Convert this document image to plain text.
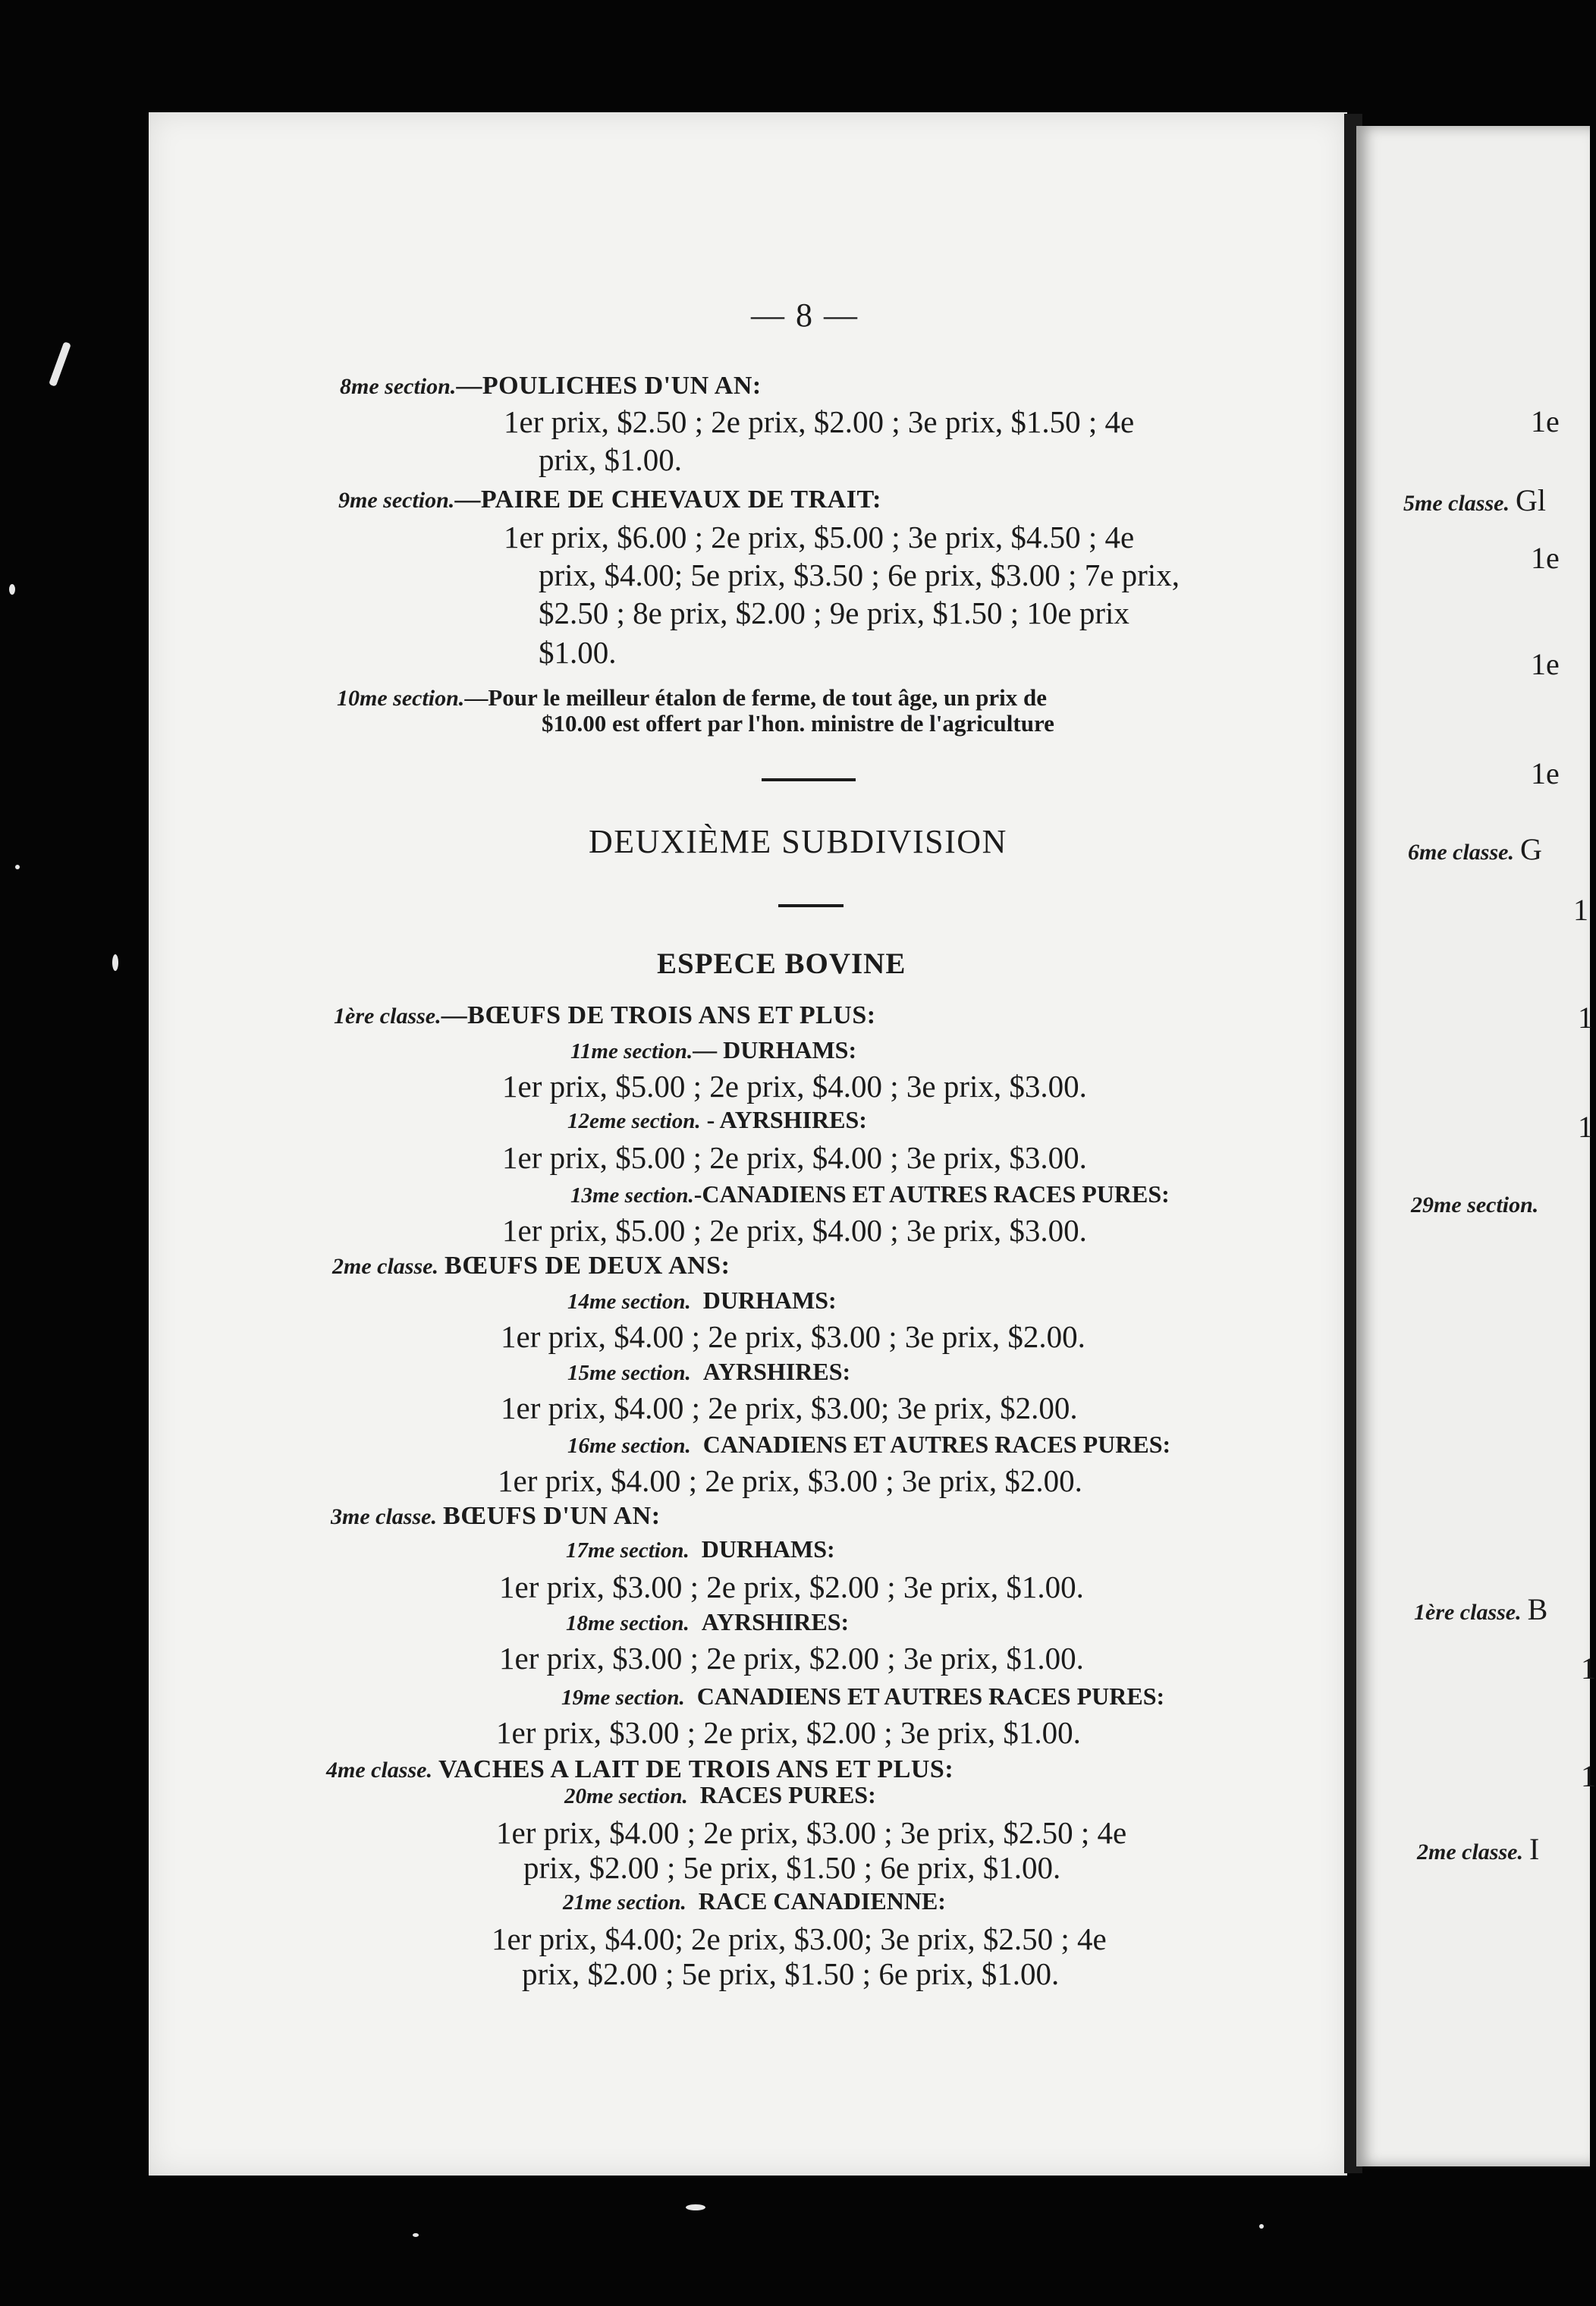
— 8 —
8me section.—POULICHES D'UN AN:
1er prix, $2.50 ; 2e prix, $2.00 ; 3e prix, $1.50 ; 4e
prix, $1.00.
9me section.—PAIRE DE CHEVAUX DE TRAIT:
1er prix, $6.00 ; 2e prix, $5.00 ; 3e prix, $4.50 ; 4e
prix, $4.00; 5e prix, $3.50 ; 6e prix, $3.00 ; 7e prix,
$2.50 ; 8e prix, $2.00 ; 9e prix, $1.50 ; 10e prix
$1.00.
10me section.—Pour le meilleur étalon de ferme, de tout âge, un prix de
$10.00 est offert par l'hon. ministre de l'agriculture
DEUXIÈME SUBDIVISION
ESPECE BOVINE
1ère classe.—BŒUFS DE TROIS ANS ET PLUS:
11me section.— DURHAMS:
1er prix, $5.00 ; 2e prix, $4.00 ; 3e prix, $3.00.
12eme section. - AYRSHIRES:
1er prix, $5.00 ; 2e prix, $4.00 ; 3e prix, $3.00.
13me section.-CANADIENS ET AUTRES RACES PURES:
1er prix, $5.00 ; 2e prix, $4.00 ; 3e prix, $3.00.
2me classe. BŒUFS DE DEUX ANS:
14me section. DURHAMS:
1er prix, $4.00 ; 2e prix, $3.00 ; 3e prix, $2.00.
15me section. AYRSHIRES:
1er prix, $4.00 ; 2e prix, $3.00; 3e prix, $2.00.
16me section. CANADIENS ET AUTRES RACES PURES:
1er prix, $4.00 ; 2e prix, $3.00 ; 3e prix, $2.00.
3me classe. BŒUFS D'UN AN:
17me section. DURHAMS:
1er prix, $3.00 ; 2e prix, $2.00 ; 3e prix, $1.00.
18me section. AYRSHIRES:
1er prix, $3.00 ; 2e prix, $2.00 ; 3e prix, $1.00.
19me section. CANADIENS ET AUTRES RACES PURES:
1er prix, $3.00 ; 2e prix, $2.00 ; 3e prix, $1.00.
4me classe. VACHES A LAIT DE TROIS ANS ET PLUS:
20me section. RACES PURES:
1er prix, $4.00 ; 2e prix, $3.00 ; 3e prix, $2.50 ; 4e
prix, $2.00 ; 5e prix, $1.50 ; 6e prix, $1.00.
21me section. RACE CANADIENNE:
1er prix, $4.00; 2e prix, $3.00; 3e prix, $2.50 ; 4e
prix, $2.00 ; 5e prix, $1.50 ; 6e prix, $1.00.
1e
5me classe. Gl
1e
1e
1e
6me classe. G
1
1
1
29me section.
1ère classe. B
1
1
2me classe. I
